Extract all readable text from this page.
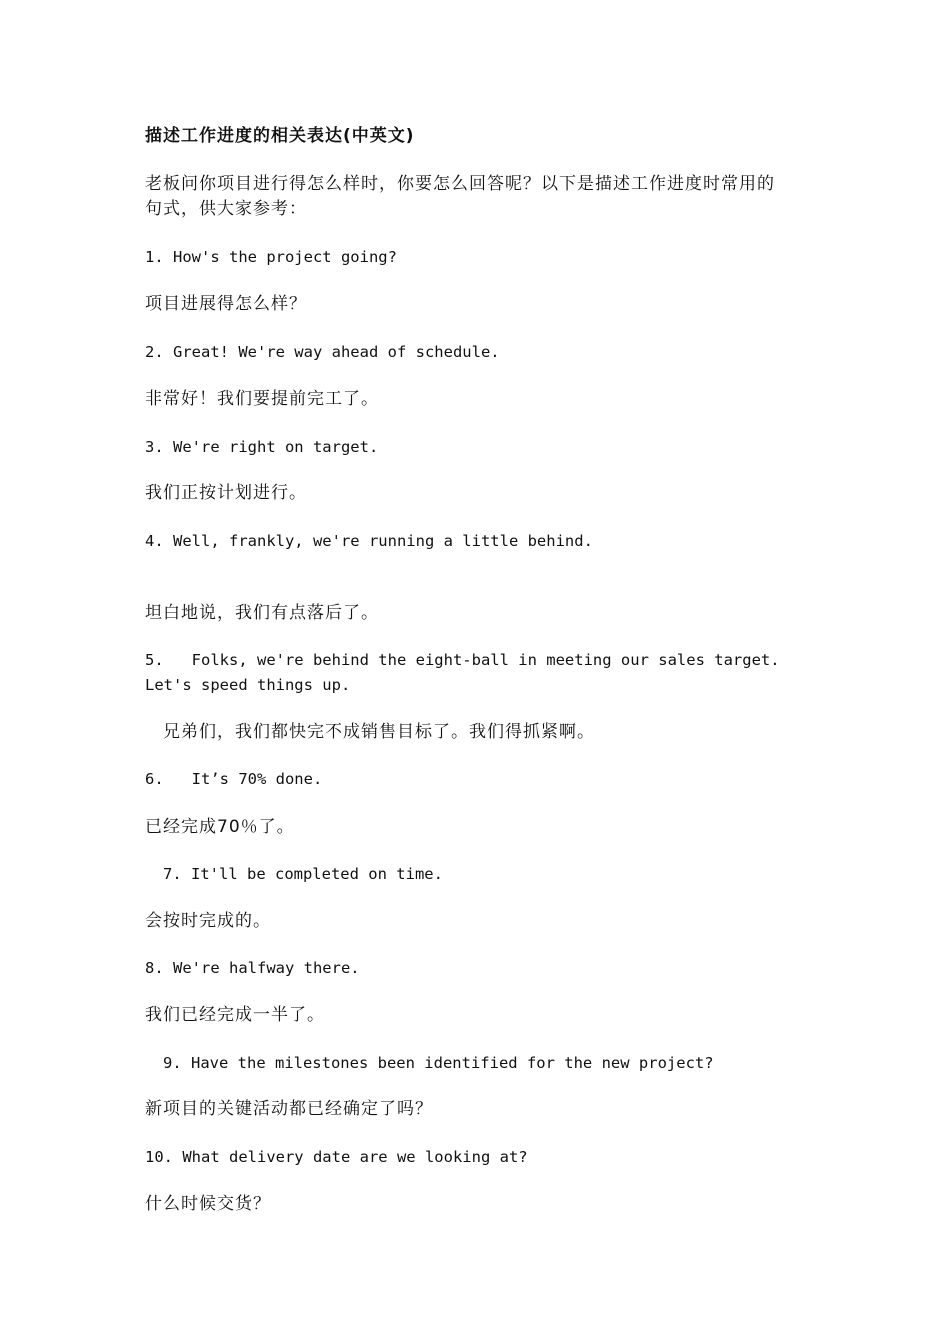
描述工作进度的相关表达(中英文)
老板问你项目进行得怎么样时，你要怎么回答呢？以下是描述工作进度时常用的
句式，供大家参考：
1. How's the project going?
项目进展得怎么样？
2. Great! We're way ahead of schedule.
非常好！我们要提前完工了。
3. We're right on target.
我们正按计划进行。
4. Well, frankly, we're running a little behind.
坦白地说，我们有点落后了。
5.   Folks, we're behind the eight-ball in meeting our sales target.
Let's speed things up.
兄弟们，我们都快完不成销售目标了。我们得抓紧啊。
6.   It’s 70% done.
已经完成70％了。
7. It'll be completed on time.
会按时完成的。
8. We're halfway there.
我们已经完成一半了。
9. Have the milestones been identified for the new project?
新项目的关键活动都已经确定了吗？
10. What delivery date are we looking at?
什么时候交货？
